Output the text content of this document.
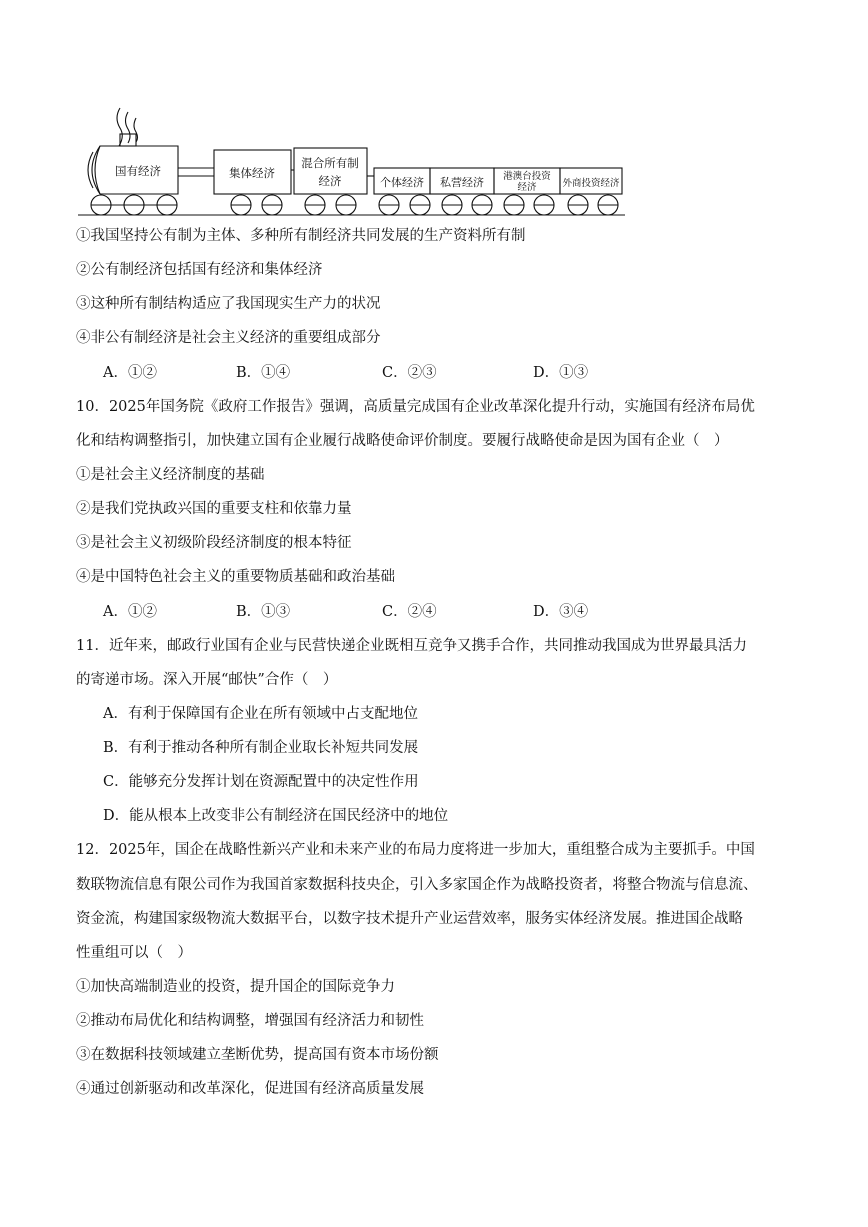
国有经济	集体经济
混合所有制
经济	个体经济 私营经济 港澳台投资
经济	外商投资经济
①我国坚持公有制为主体、多种所有制经济共同发展的生产资料所有制
②公有制经济包括国有经济和集体经济
③这种所有制结构适应了我国现实生产力的状况
④非公有制经济是社会主义经济的重要组成部分
A．①②	B．①④	C．②③	D．①③
10．2025年国务院《政府工作报告》强调，高质量完成国有企业改革深化提升行动，实施国有经济布局优
化和结构调整指引，加快建立国有企业履行战略使命评价制度。要履行战略使命是因为国有企业（　）
①是社会主义经济制度的基础
②是我们党执政兴国的重要支柱和依靠力量
③是社会主义初级阶段经济制度的根本特征
④是中国特色社会主义的重要物质基础和政治基础
A．①②	B．①③	C．②④	D．③④
11．近年来，邮政行业国有企业与民营快递企业既相互竞争又携手合作，共同推动我国成为世界最具活力
的寄递市场。深入开展“邮快”合作（　）
A．有利于保障国有企业在所有领域中占支配地位
B．有利于推动各种所有制企业取长补短共同发展
C．能够充分发挥计划在资源配置中的决定性作用
D．能从根本上改变非公有制经济在国民经济中的地位
12．2025年，国企在战略性新兴产业和未来产业的布局力度将进一步加大，重组整合成为主要抓手。中国
数联物流信息有限公司作为我国首家数据科技央企，引入多家国企作为战略投资者，将整合物流与信息流、
资金流，构建国家级物流大数据平台，以数字技术提升产业运营效率，服务实体经济发展。推进国企战略
性重组可以（　）
①加快高端制造业的投资，提升国企的国际竞争力
②推动布局优化和结构调整，增强国有经济活力和韧性
③在数据科技领域建立垄断优势，提高国有资本市场份额
④通过创新驱动和改革深化，促进国有经济高质量发展
